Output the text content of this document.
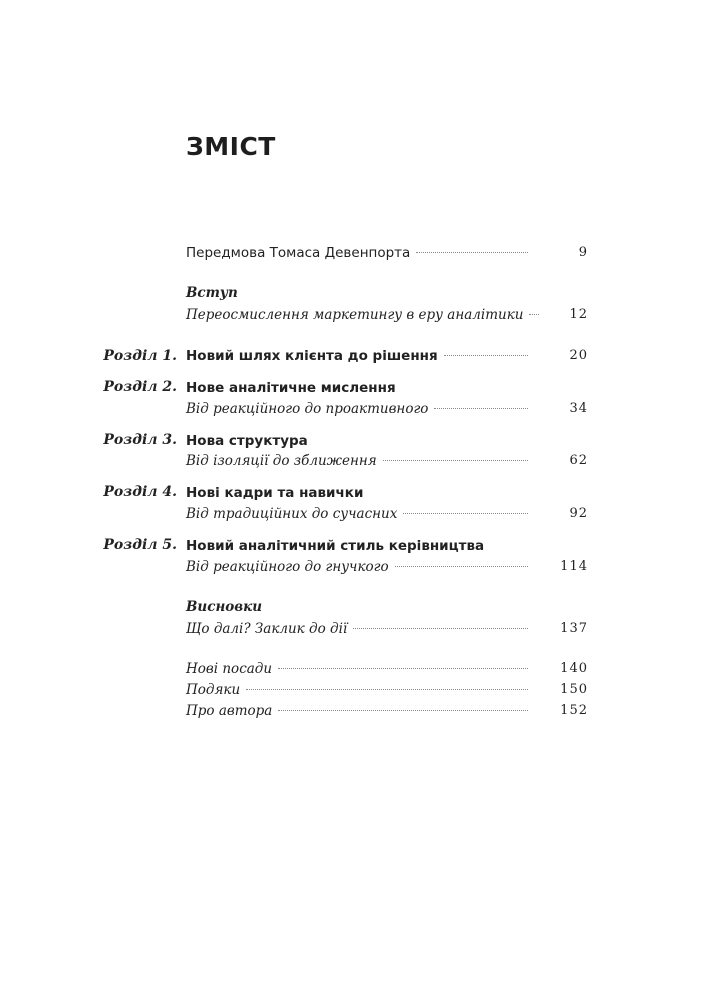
ЗМІСТ
Передмова Томаса Девенпорта	9
Вступ
Переосмислення маркетингу в еру аналітики	12
Розділ 1. Новий шлях клієнта до рішення	20
Розділ 2. Нове аналітичне мислення
Від реакційного до проактивного	34
Розділ 3. Нова структура
Від ізоляції до зближення	62
Розділ 4. Нові кадри та навички
Від традиційних до сучасних	92
Розділ 5. Новий аналітичний стиль керівництва
Від реакційного до гнучкого	114
Висновки
Що далі? Заклик до дії	137
Нові посади	140
Подяки	150
Про автора	152
